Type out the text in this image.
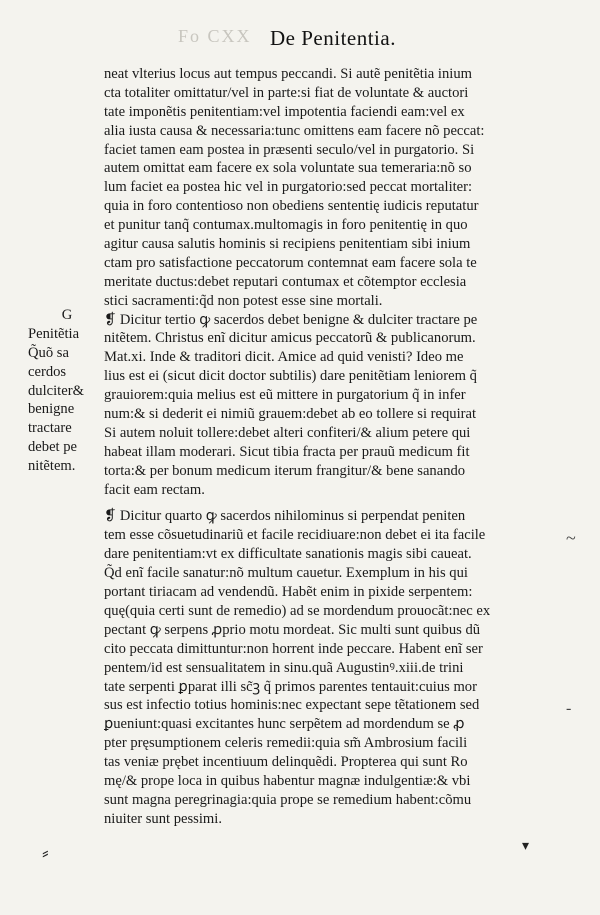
Fo CXX De Penitentia.
G
Penitẽtia
Q̃uõ sa
cerdos
dulciter&
benigne
tractare
debet pe
nitẽtem.
neat vlterius locus aut tempus peccandi. Si autẽ penitẽtia inium
cta totaliter omittatur/vel in parte:si fiat de voluntate & auctori
tate imponẽtis penitentiam:vel impotentia faciendi eam:vel ex
alia iusta causa & necessaria:tunc omittens eam facere nõ peccat:
faciet tamen eam postea in præsenti seculo/vel in purgatorio. Si
autem omittat eam facere ex sola voluntate sua temeraria:nõ so
lum faciet ea postea hic vel in purgatorio:sed peccat mortaliter:
quia in foro contentioso non obediens sententię iudicis reputatur
et punitur tanq̃ contumax.multomagis in foro penitentię in quo
agitur causa salutis hominis si recipiens penitentiam sibi inium
ctam pro satisfactione peccatorum contemnat eam facere sola te
meritate ductus:debet reputari contumax et cõtemptor ecclesia
stici sacramenti:q̃d non potest esse sine mortali.
❡ Dicitur tertio ꝙ sacerdos debet benigne & dulciter tractare pe
nitẽtem. Christus enĩ dicitur amicus peccatorũ & publicanorum.
Mat.xi. Inde & traditori dicit. Amice ad quid venisti? Ideo me
lius est ei (sicut dicit doctor subtilis) dare penitẽtiam leniorem q̃
grauiorem:quia melius est eũ mittere in purgatorium q̃ in infer
num:& si dederit ei nimiũ grauem:debet ab eo tollere si requirat
Si autem noluit tollere:debet alteri confiteri/& alium petere qui
habeat illam moderari. Sicut tibia fracta per prauũ medicum fit
torta:& per bonum medicum iterum frangitur/& bene sanando
facit eam rectam.
❡ Dicitur quarto ꝙ sacerdos nihilominus si perpendat peniten
tem esse cõsuetudinariũ et facile recidiuare:non debet ei ita facile
dare penitentiam:vt ex difficultate sanationis magis sibi caueat.
Q̃d enĩ facile sanatur:nõ multum cauetur. Exemplum in his qui
portant tiriacam ad vendendũ. Habẽt enim in pixide serpentem:
quę(quia certi sunt de remedio) ad se mordendum prouocãt:nec ex
pectant ꝙ serpens ꝓprio motu mordeat. Sic multi sunt quibus dũ
cito peccata dimittuntur:non horrent inde peccare. Habent enĩ ser
pentem/id est sensualitatem in sinu.quã Augustinꝰ.xiii.de trini
tate serpenti ꝑparat illi sc̃ꝫ q̃ primos parentes tentauit:cuius mor
sus est infectio totius hominis:nec expectant sepe tẽtationem sed
ꝑueniunt:quasi excitantes hunc serpẽtem ad mordendum se ꝓ
pter pręsumptionem celeris remedii:quia sm̃ Ambrosium facili
tas veniæ prębet incentiuum delinquẽdi. Propterea qui sunt Ro
mę/& prope loca in quibus habentur magnæ indulgentiæ:& vbi
sunt magna peregrinagia:quia prope se remedium habent:cõmu
niuiter sunt pessimi.
~
-
⸗	▾
